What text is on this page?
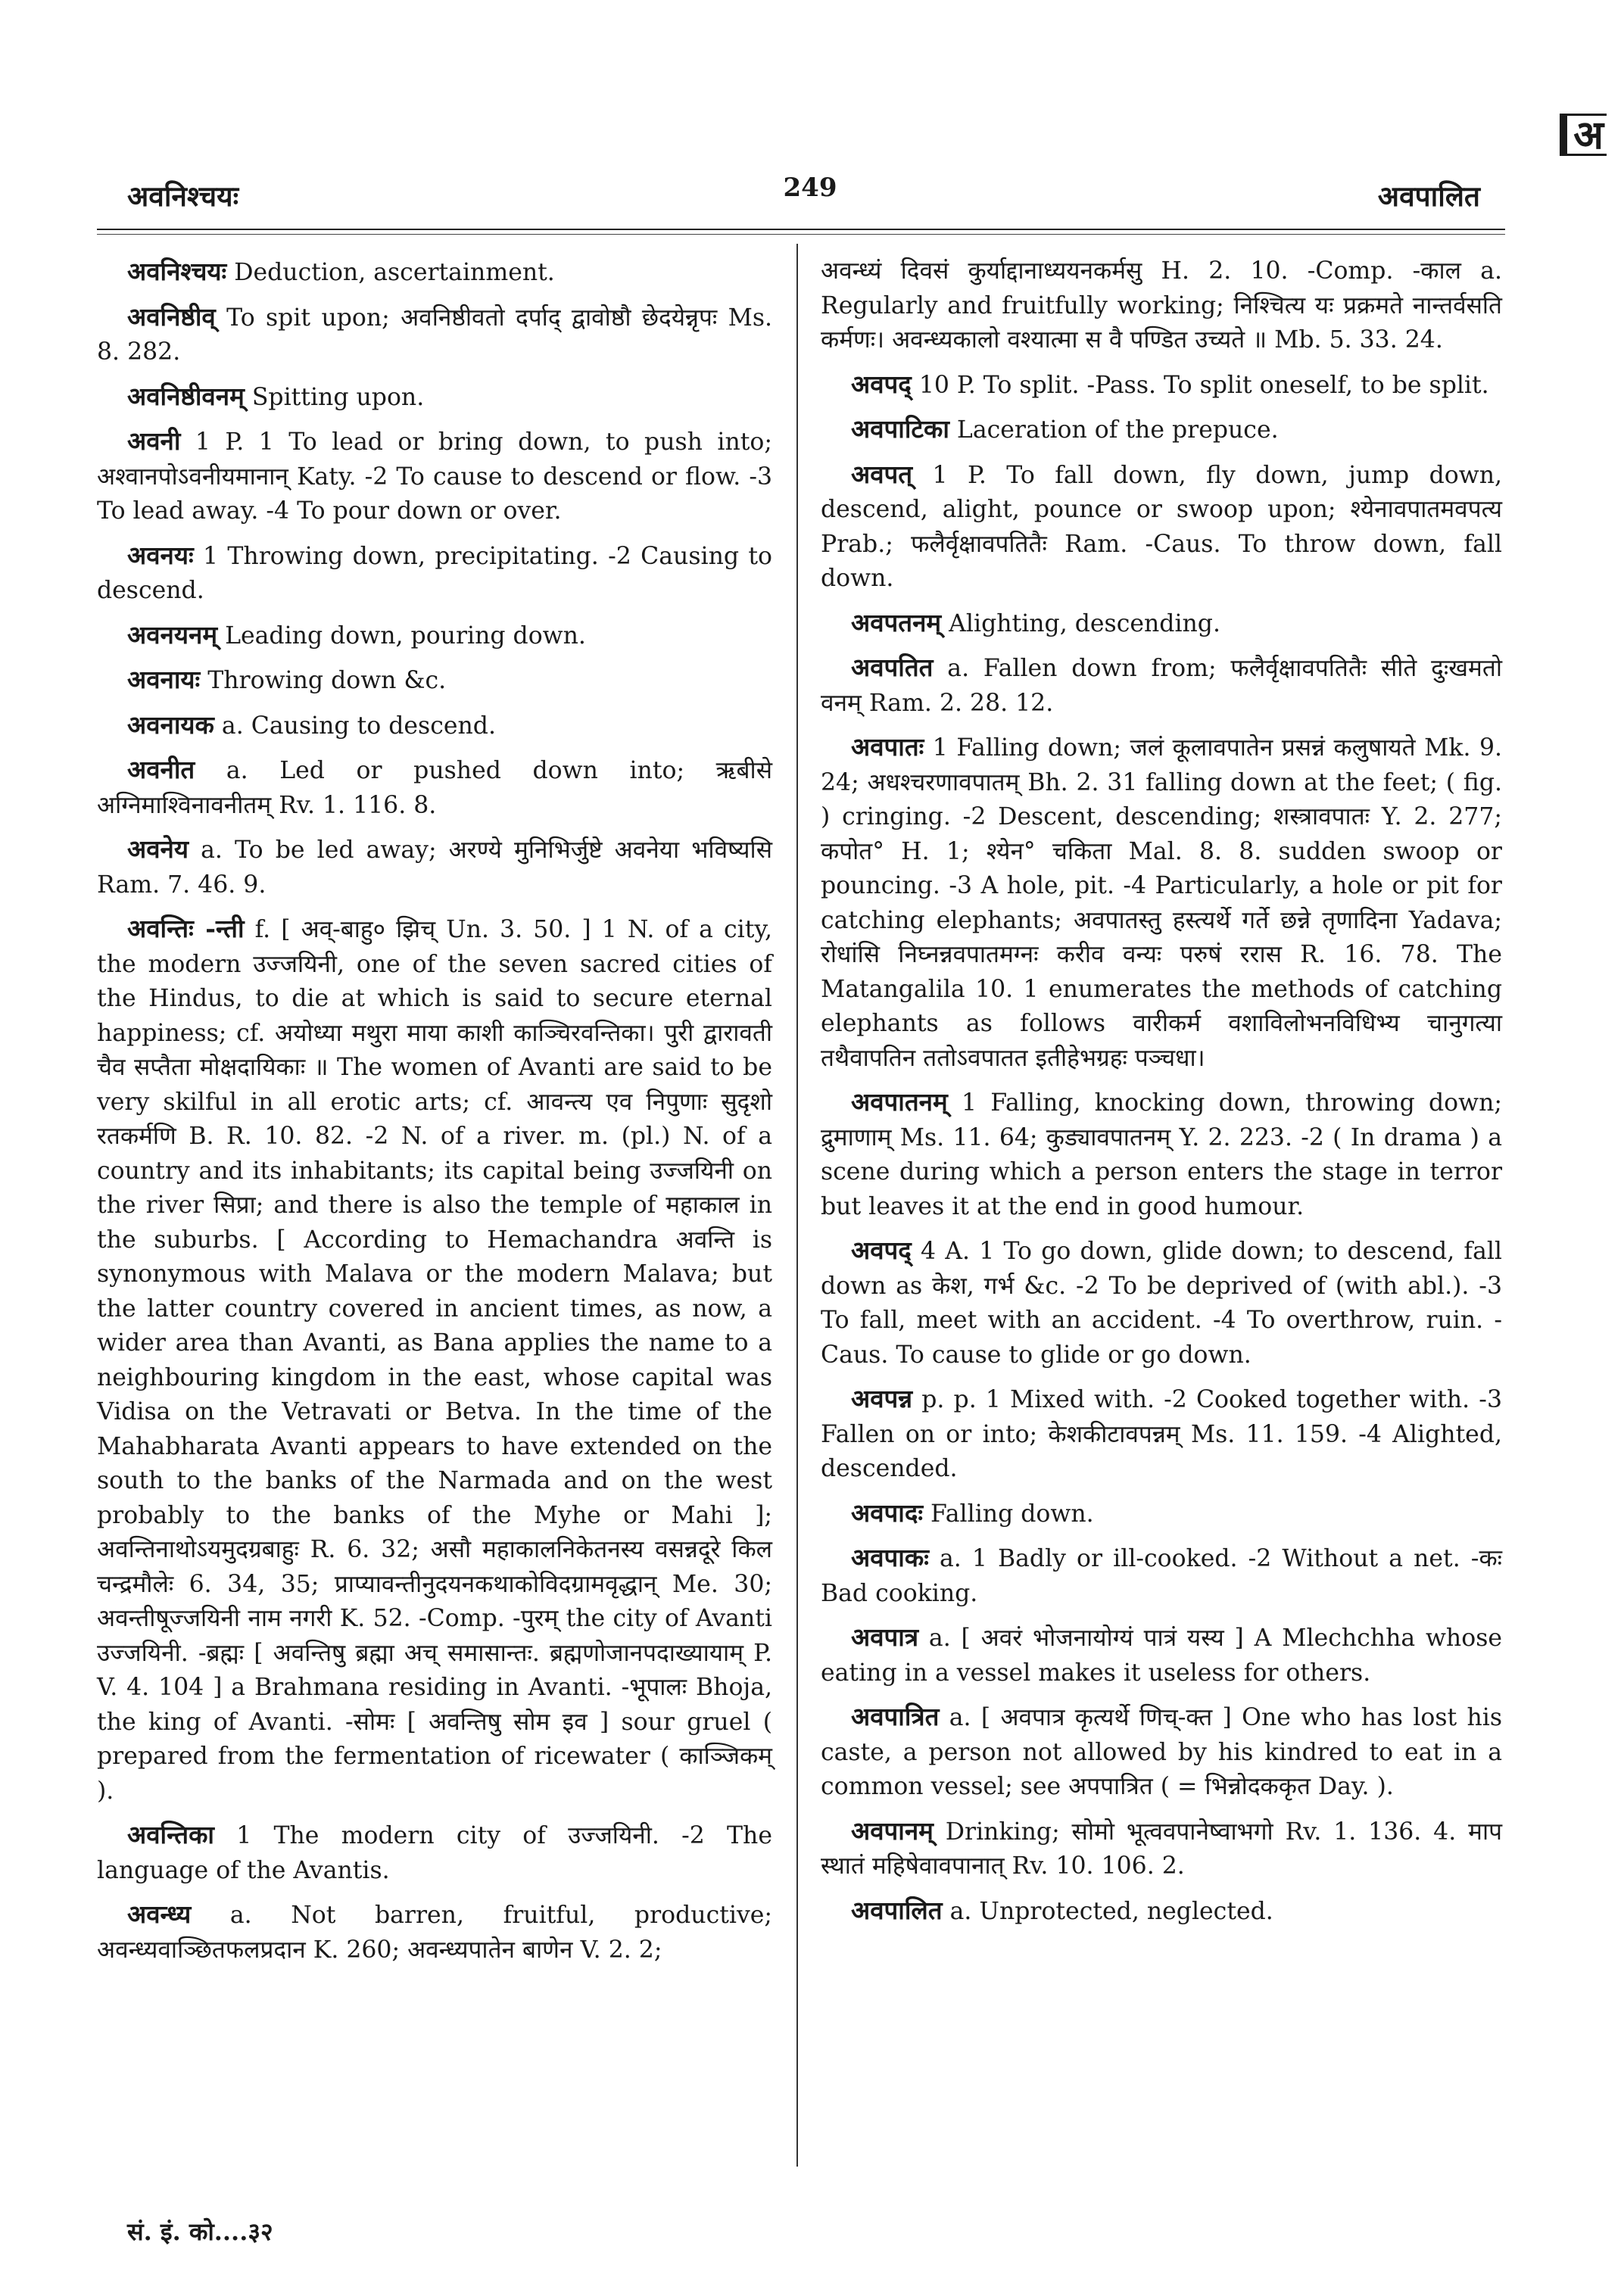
अ
अवनिश्चयः	249	अवपालित

अवनिश्चयः Deduction, ascertainment.

अवनिष्ठीव् To spit upon; अवनिष्ठीवतो दर्पाद् द्वावोष्ठौ छेदयेन्नृपः Ms. 8. 282.

अवनिष्ठीवनम् Spitting upon.

अवनी 1 P. 1 To lead or bring down, to push into; अश्वानपोऽवनीयमानान् Katy. -2 To cause to descend or flow. -3 To lead away. -4 To pour down or over.

अवनयः 1 Throwing down, precipitating. -2 Causing to descend.

अवनयनम् Leading down, pouring down.

अवनायः Throwing down &c.

अवनायक a. Causing to descend.

अवनीत a. Led or pushed down into; ऋबीसे अग्निमाश्विनावनीतम् Rv. 1. 116. 8.

अवनेय a. To be led away; अरण्ये मुनिभिर्जुष्टे अवनेया भविष्यसि Ram. 7. 46. 9.

अवन्तिः -न्ती f. [ अव्-बाहु० झिच् Un. 3. 50. ] 1 N. of a city, the modern उज्जयिनी, one of the seven sacred cities of the Hindus, to die at which is said to secure eternal happiness; cf. अयोध्या मथुरा माया काशी काञ्चिरवन्तिका। पुरी द्वारावती चैव सप्तैता मोक्षदायिकाः ॥ The women of Avanti are said to be very skilful in all erotic arts; cf. आवन्त्य एव निपुणाः सुदृशो रतकर्मणि B. R. 10. 82. -2 N. of a river. m. (pl.) N. of a country and its inhabitants; its capital being उज्जयिनी on the river सिप्रा; and there is also the temple of महाकाल in the suburbs. [ According to Hemachandra अवन्ति is synonymous with Malava or the modern Malava; but the latter country covered in ancient times, as now, a wider area than Avanti, as Bana applies the name to a neighbouring kingdom in the east, whose capital was Vidisa on the Vetravati or Betva. In the time of the Mahabharata Avanti appears to have extended on the south to the banks of the Narmada and on the west probably to the banks of the Myhe or Mahi ]; अवन्तिनाथोऽयमुदग्रबाहुः R. 6. 32; असौ महाकालनिकेतनस्य वसन्नदूरे किल चन्द्रमौलेः 6. 34, 35; प्राप्यावन्तीनुदयनकथाकोविदग्रामवृद्धान् Me. 30; अवन्तीषूज्जयिनी नाम नगरी K. 52. -Comp. -पुरम् the city of Avanti उज्जयिनी. -ब्रह्मः [ अवन्तिषु ब्रह्मा अच् समासान्तः. ब्रह्मणोजानपदाख्यायाम् P. V. 4. 104 ] a Brahmana residing in Avanti. -भूपालः Bhoja, the king of Avanti. -सोमः [ अवन्तिषु सोम इव ] sour gruel ( prepared from the fermentation of ricewater ( काञ्जिकम् ).

अवन्तिका 1 The modern city of उज्जयिनी. -2 The language of the Avantis.

अवन्ध्य a. Not barren, fruitful, productive; अवन्ध्यवाञ्छितफलप्रदान K. 260; अवन्ध्यपातेन बाणेन V. 2. 2;

अवन्ध्यं दिवसं कुर्याद्दानाध्ययनकर्मसु H. 2. 10. -Comp. -काल a. Regularly and fruitfully working; निश्चित्य यः प्रक्रमते नान्तर्वसति कर्मणः। अवन्ध्यकालो वश्यात्मा स वै पण्डित उच्यते ॥ Mb. 5. 33. 24.

अवपद् 10 P. To split. -Pass. To split oneself, to be split.

अवपाटिका Laceration of the prepuce.

अवपत् 1 P. To fall down, fly down, jump down, descend, alight, pounce or swoop upon; श्येनावपातमवपत्य Prab.; फलैर्वृक्षावपतितैः Ram. -Caus. To throw down, fall down.

अवपतनम् Alighting, descending.

अवपतित a. Fallen down from; फलैर्वृक्षावपतितैः सीते दुःखमतो वनम् Ram. 2. 28. 12.

अवपातः 1 Falling down; जलं कूलावपातेन प्रसन्नं कलुषायते Mk. 9. 24; अधश्चरणावपातम् Bh. 2. 31 falling down at the feet; ( fig. ) cringing. -2 Descent, descending; शस्त्रावपातः Y. 2. 277; कपोत° H. 1; श्येन° चकिता Mal. 8. 8. sudden swoop or pouncing. -3 A hole, pit. -4 Particularly, a hole or pit for catching elephants; अवपातस्तु हस्त्यर्थे गर्ते छन्ने तृणादिना Yadava; रोधांसि निघ्नन्नवपातमग्नः करीव वन्यः परुषं ररास R. 16. 78. The Matangalila 10. 1 enumerates the methods of catching elephants as follows वारीकर्म वशाविलोभनविधिभ्य चानुगत्या तथैवापतिन ततोऽवपातत इतीहेभग्रहः पञ्चधा।

अवपातनम् 1 Falling, knocking down, throwing down; द्रुमाणाम् Ms. 11. 64; कुड्यावपातनम् Y. 2. 223. -2 ( In drama ) a scene during which a person enters the stage in terror but leaves it at the end in good humour.

अवपद् 4 A. 1 To go down, glide down; to descend, fall down as केश, गर्भ &c. -2 To be deprived of (with abl.). -3 To fall, meet with an accident. -4 To overthrow, ruin. -Caus. To cause to glide or go down.

अवपन्न p. p. 1 Mixed with. -2 Cooked together with. -3 Fallen on or into; केशकीटावपन्नम् Ms. 11. 159. -4 Alighted, descended.

अवपादः Falling down.

अवपाकः a. 1 Badly or ill-cooked. -2 Without a net. -कः Bad cooking.

अवपात्र a. [ अवरं भोजनायोग्यं पात्रं यस्य ] A Mlechchha whose eating in a vessel makes it useless for others.

अवपात्रित a. [ अवपात्र कृत्यर्थे णिच्-क्त ] One who has lost his caste, a person not allowed by his kindred to eat in a common vessel; see अपपात्रित ( = भिन्नोदककृत Day. ).

अवपानम् Drinking; सोमो भूत्ववपानेष्वाभगो Rv. 1. 136. 4. माप स्थातं महिषेवावपानात् Rv. 10. 106. 2.

अवपालित a. Unprotected, neglected.

सं. इं. को....३२
